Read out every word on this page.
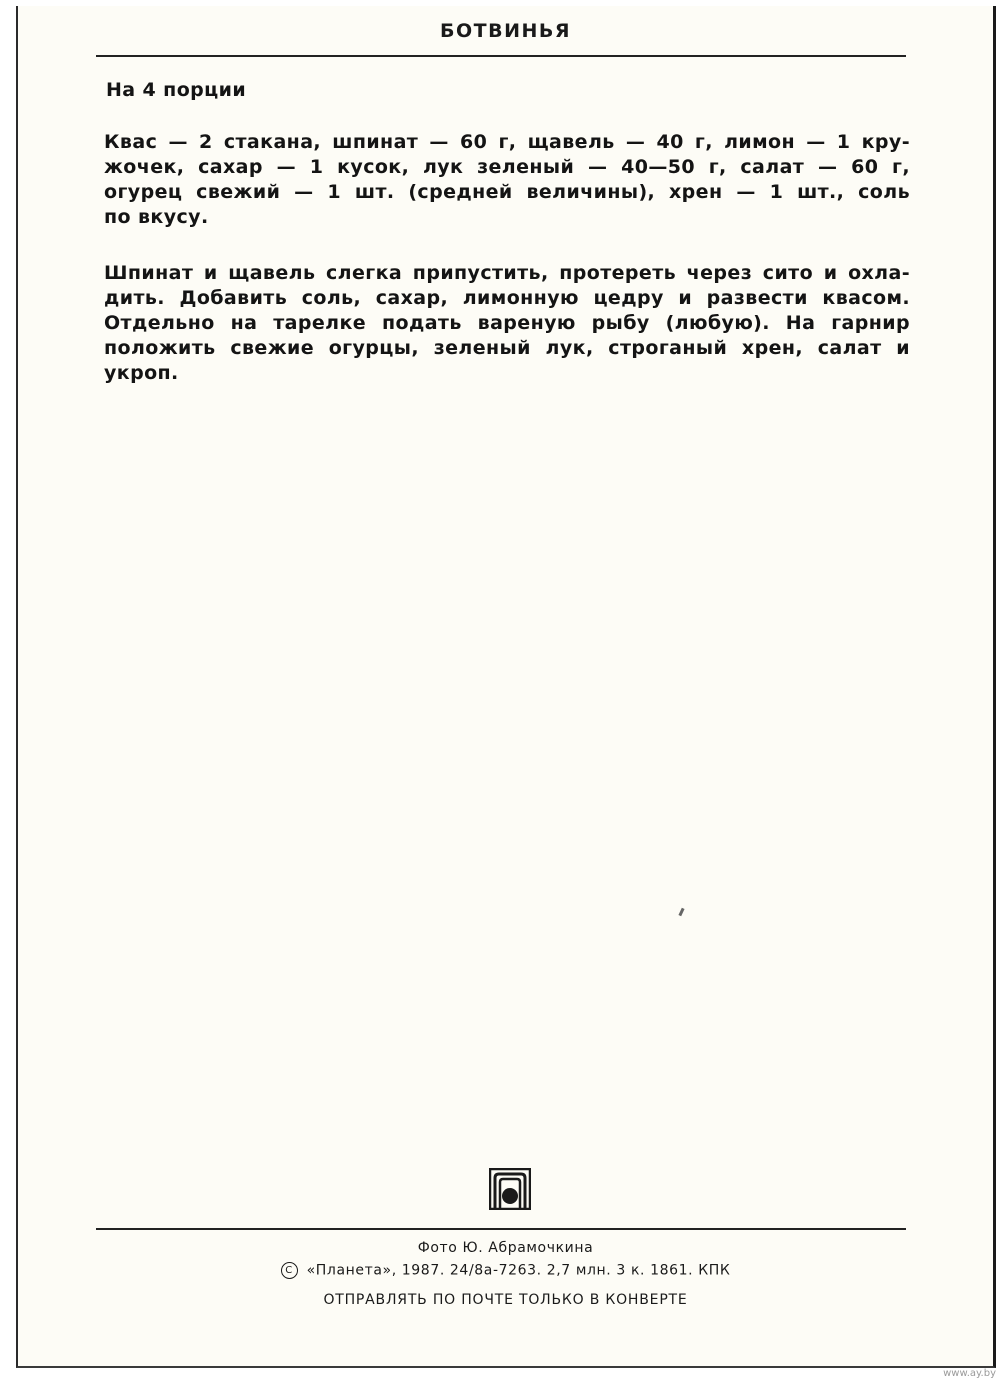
БОТВИНЬЯ
На 4 порции
Квас — 2 стакана, шпинат — 60 г, щавель — 40 г, лимон — 1 кру-
жочек, сахар — 1 кусок, лук зеленый — 40—50 г, салат — 60 г,
огурец свежий — 1 шт. (средней величины), хрен — 1 шт., соль
по вкусу.
Шпинат и щавель слегка припустить, протереть через сито и охла-
дить. Добавить соль, сахар, лимонную цедру и развести квасом.
Отдельно на тарелке подать вареную рыбу (любую). На гарнир
положить свежие огурцы, зеленый лук, строганый хрен, салат и
укроп.
Фото Ю. Абрамочкина
C «Планета», 1987. 24/8а-7263. 2,7 млн. 3 к. 1861. КПК
ОТПРАВЛЯТЬ ПО ПОЧТЕ ТОЛЬКО В КОНВЕРТЕ
www.ay.by
